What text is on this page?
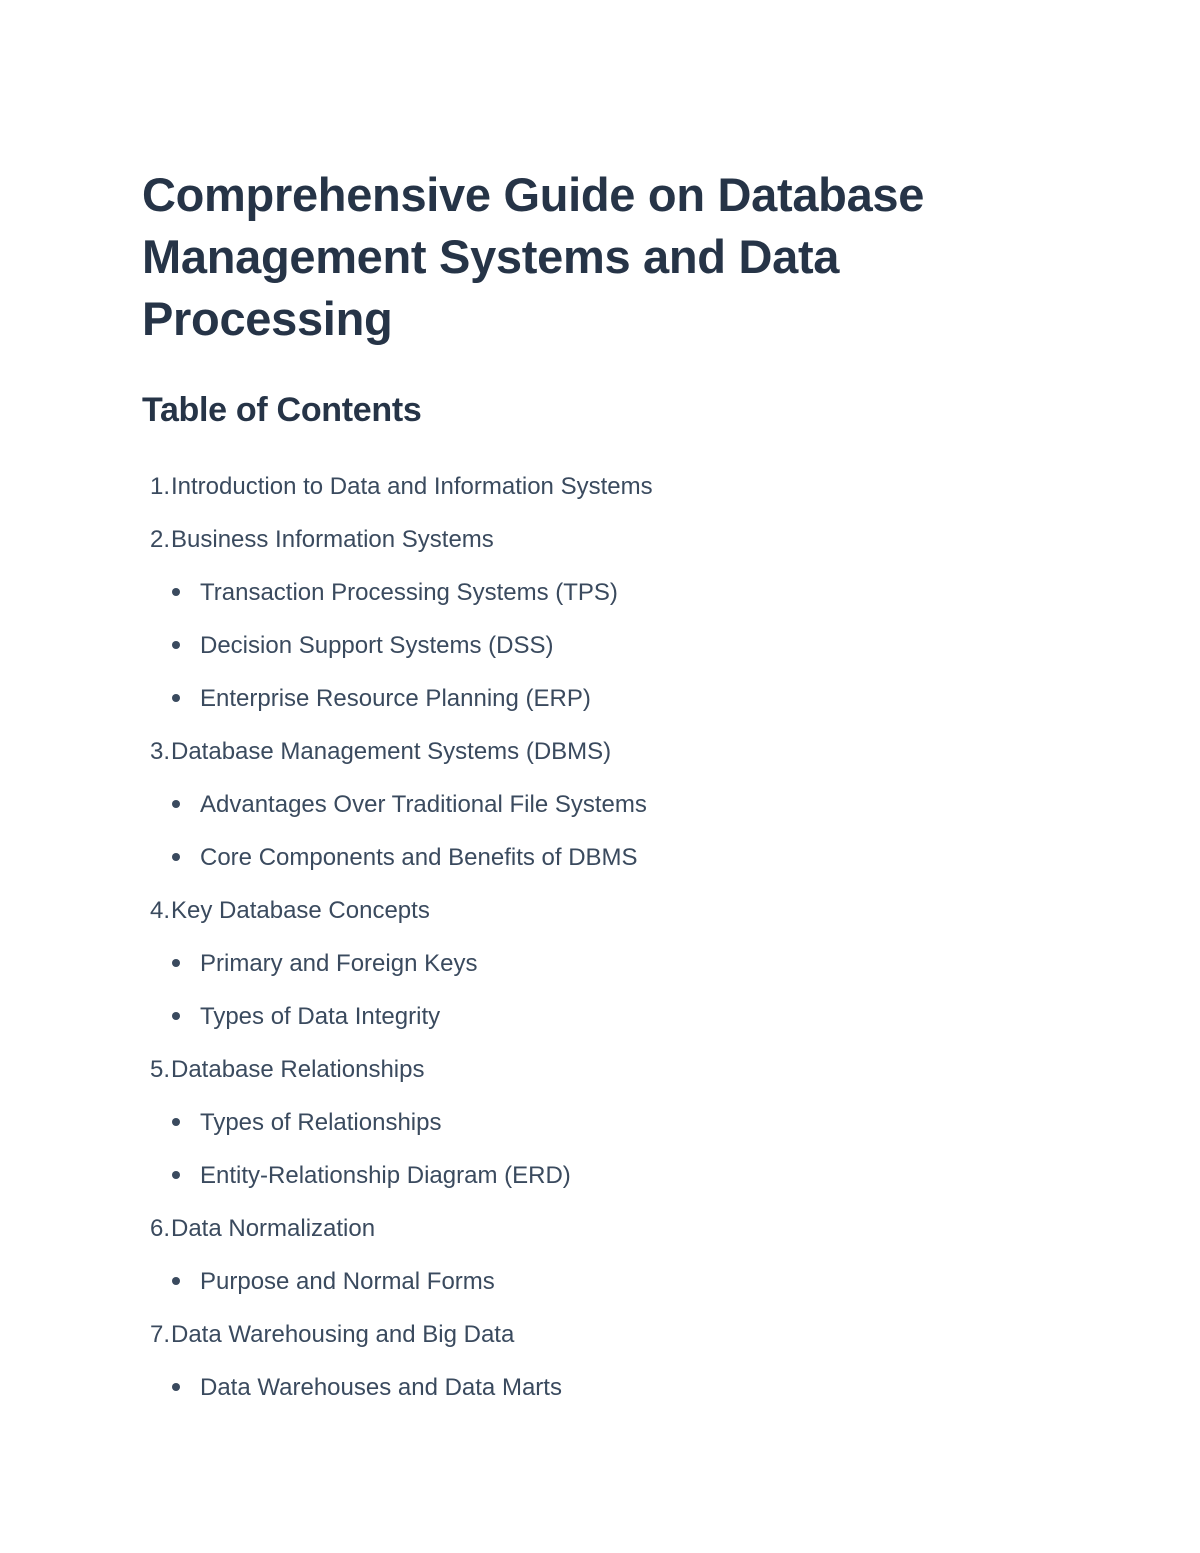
Comprehensive Guide on Database Management Systems and Data Processing
Table of Contents
1. Introduction to Data and Information Systems
2. Business Information Systems
Transaction Processing Systems (TPS)
Decision Support Systems (DSS)
Enterprise Resource Planning (ERP)
3. Database Management Systems (DBMS)
Advantages Over Traditional File Systems
Core Components and Benefits of DBMS
4. Key Database Concepts
Primary and Foreign Keys
Types of Data Integrity
5. Database Relationships
Types of Relationships
Entity-Relationship Diagram (ERD)
6. Data Normalization
Purpose and Normal Forms
7. Data Warehousing and Big Data
Data Warehouses and Data Marts
